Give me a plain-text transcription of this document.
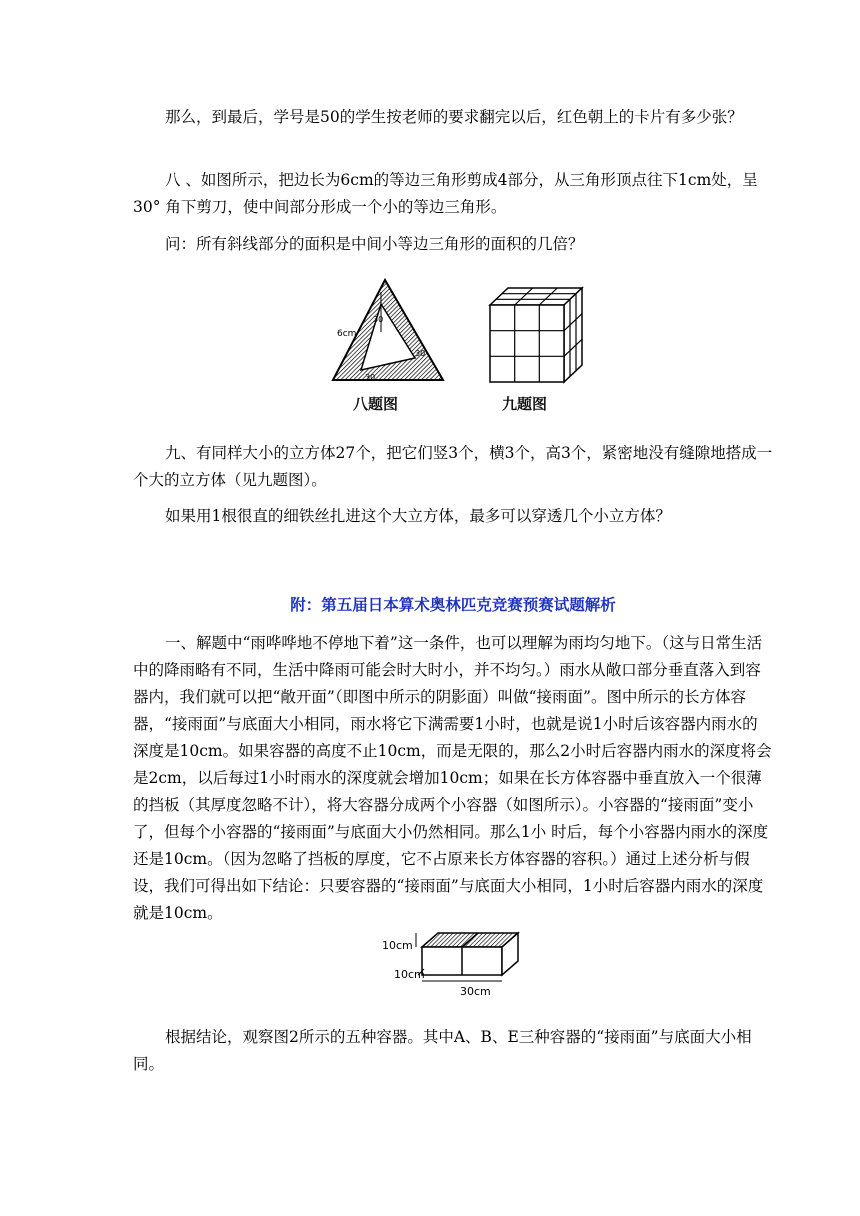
那么，到最后，学号是50的学生按老师的要求翻完以后，红色朝上的卡片有多少张？

八 、如图所示，把边长为6cm的等边三角形剪成4部分，从三角形顶点往下1cm处，呈30° 角下剪刀，使中间部分形成一个小的等边三角形。

问：所有斜线部分的面积是中间小等边三角形的面积的几倍？

6cm
30
30
30
八题图	九题图

九、有同样大小的立方体27个，把它们竖3个，横3个，高3个，紧密地没有缝隙地搭成一个大的立方体（见九题图）。

如果用1根很直的细铁丝扎进这个大立方体，最多可以穿透几个小立方体？

附：第五届日本算术奥林匹克竞赛预赛试题解析

一、解题中“雨哗哗地不停地下着”这一条件，也可以理解为雨均匀地下。（这与日常生活中的降雨略有不同，生活中降雨可能会时大时小，并不均匀。）雨水从敞口部分垂直落入到容器内，我们就可以把“敞开面”（即图中所示的阴影面）叫做“接雨面”。图中所示的长方体容器，“接雨面”与底面大小相同，雨水将它下满需要1小时，也就是说1小时后该容器内雨水的深度是10cm。如果容器的高度不止10cm，而是无限的，那么2小时后容器内雨水的深度将会是2cm，以后每过1小时雨水的深度就会增加10cm；如果在长方体容器中垂直放入一个很薄的挡板（其厚度忽略不计），将大容器分成两个小容器（如图所示）。小容器的“接雨面”变小了，但每个小容器的“接雨面”与底面大小仍然相同。那么1小 时后，每个小容器内雨水的深度还是10cm。（因为忽略了挡板的厚度，它不占原来长方体容器的容积。）通过上述分析与假设，我们可得出如下结论：只要容器的“接雨面”与底面大小相同，1小时后容器内雨水的深度就是10cm。

10cm
10cm
30cm

根据结论，观察图2所示的五种容器。其中A、B、E三种容器的“接雨面”与底面大小相同。
